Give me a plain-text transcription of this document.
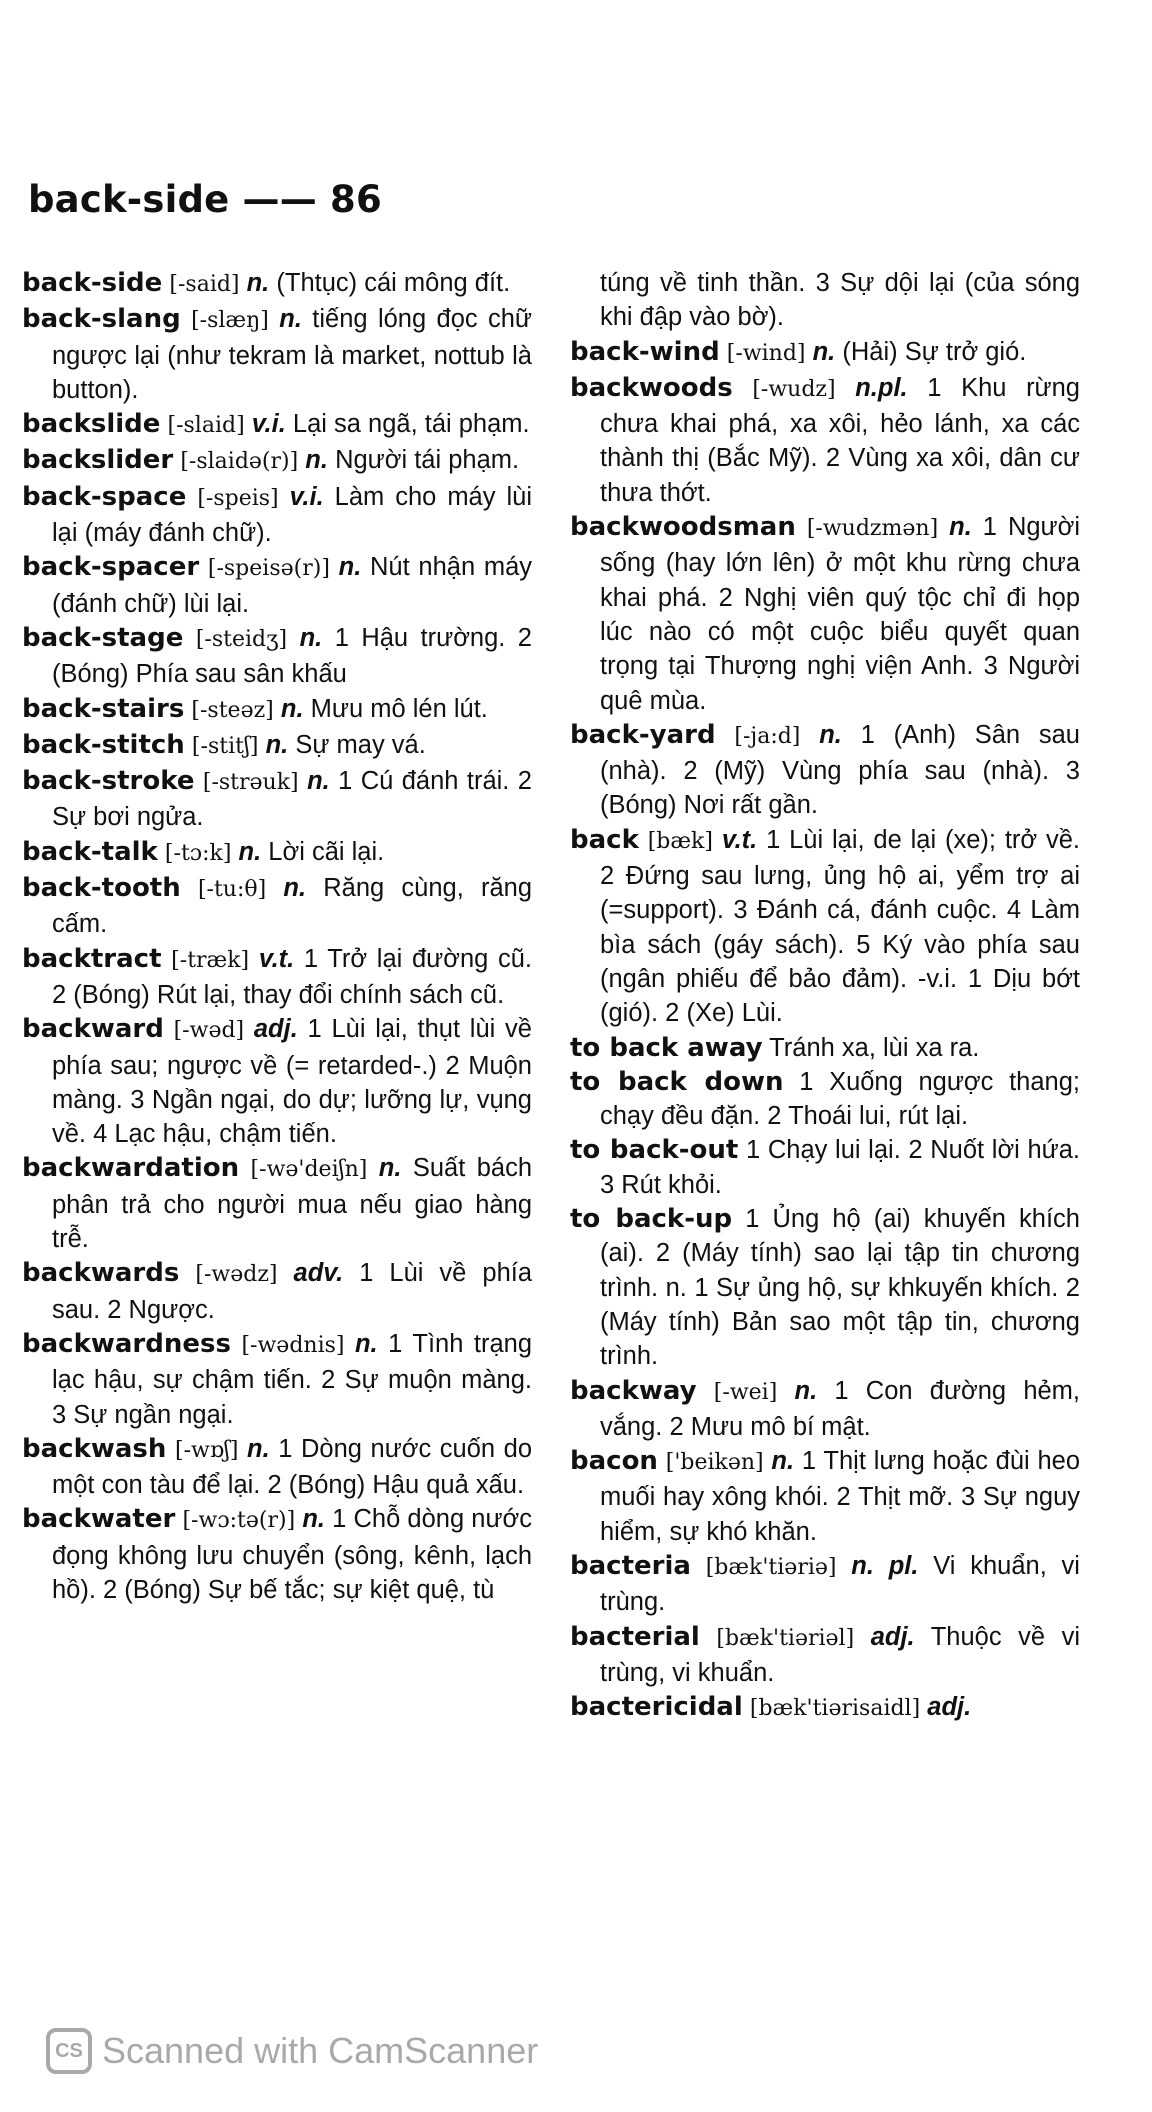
back-side —— 86

back-side [-said] n. (Thtục) cái mông đít.

back-slang [-slæŋ] n. tiếng lóng đọc chữ ngược lại (như tekram là market, nottub là button).

backslide [-slaid] v.i. Lại sa ngã, tái phạm.

backslider [-slaidə(r)] n. Người tái phạm.

back-space [-speis] v.i. Làm cho máy lùi lại (máy đánh chữ).

back-spacer [-speisə(r)] n. Nút nhận máy (đánh chữ) lùi lại.

back-stage [-steidʒ] n. 1 Hậu trường. 2 (Bóng) Phía sau sân khấu

back-stairs [-steəz] n. Mưu mô lén lút.

back-stitch [-stitʃ] n. Sự may vá.

back-stroke [-strəuk] n. 1 Cú đánh trái. 2 Sự bơi ngửa.

back-talk [-tɔ:k] n. Lời cãi lại.

back-tooth [-tu:θ] n. Răng cùng, răng cấm.

backtract [-træk] v.t. 1 Trở lại đường cũ. 2 (Bóng) Rút lại, thay đổi chính sách cũ.

backward [-wəd] adj. 1 Lùi lại, thụt lùi về phía sau; ngược về (= retarded-.) 2 Muộn màng. 3 Ngần ngại, do dự; lưỡng lự, vụng về. 4 Lạc hậu, chậm tiến.

backwardation [-wə'deiʃn] n. Suất bách phân trả cho người mua nếu giao hàng trễ.

backwards [-wədz] adv. 1 Lùi về phía sau. 2 Ngược.

backwardness [-wədnis] n. 1 Tình trạng lạc hậu, sự chậm tiến. 2 Sự muộn màng. 3 Sự ngần ngại.

backwash [-wɒʃ] n. 1 Dòng nước cuốn do một con tàu để lại. 2 (Bóng) Hậu quả xấu.

backwater [-wɔ:tə(r)] n. 1 Chỗ dòng nước đọng không lưu chuyển (sông, kênh, lạch hồ). 2 (Bóng) Sự bế tắc; sự kiệt quệ, tù

túng về tinh thần. 3 Sự dội lại (của sóng khi đập vào bờ).

back-wind [-wind] n. (Hải) Sự trở gió.

backwoods [-wudz] n.pl. 1 Khu rừng chưa khai phá, xa xôi, hẻo lánh, xa các thành thị (Bắc Mỹ). 2 Vùng xa xôi, dân cư thưa thớt.

backwoodsman [-wudzmən] n. 1 Người sống (hay lớn lên) ở một khu rừng chưa khai phá. 2 Nghị viên quý tộc chỉ đi họp lúc nào có một cuộc biểu quyết quan trọng tại Thượng nghị viện Anh. 3 Người quê mùa.

back-yard [-ja:d] n. 1 (Anh) Sân sau (nhà). 2 (Mỹ) Vùng phía sau (nhà). 3 (Bóng) Nơi rất gần.

back [bæk] v.t. 1 Lùi lại, de lại (xe); trở về. 2 Đứng sau lưng, ủng hộ ai, yểm trợ ai (=support). 3 Đánh cá, đánh cuộc. 4 Làm bìa sách (gáy sách). 5 Ký vào phía sau (ngân phiếu để bảo đảm). -v.i. 1 Dịu bớt (gió). 2 (Xe) Lùi.

to back away Tránh xa, lùi xa ra.

to back down 1 Xuống ngược thang; chạy đều đặn. 2 Thoái lui, rút lại.

to back-out 1 Chạy lui lại. 2 Nuốt lời hứa. 3 Rút khỏi.

to back-up 1 Ủng hộ (ai) khuyến khích (ai). 2 (Máy tính) sao lại tập tin chương trình. n. 1 Sự ủng hộ, sự khkuyến khích. 2 (Máy tính) Bản sao một tập tin, chương trình.

backway [-wei] n. 1 Con đường hẻm, vắng. 2 Mưu mô bí mật.

bacon ['beikən] n. 1 Thịt lưng hoặc đùi heo muối hay xông khói. 2 Thịt mỡ. 3 Sự nguy hiểm, sự khó khăn.

bacteria [bæk'tiəriə] n. pl. Vi khuẩn, vi trùng.

bacterial [bæk'tiəriəl] adj. Thuộc về vi trùng, vi khuẩn.

bactericidal [bæk'tiərisaidl] adj.

CS Scanned with CamScanner
